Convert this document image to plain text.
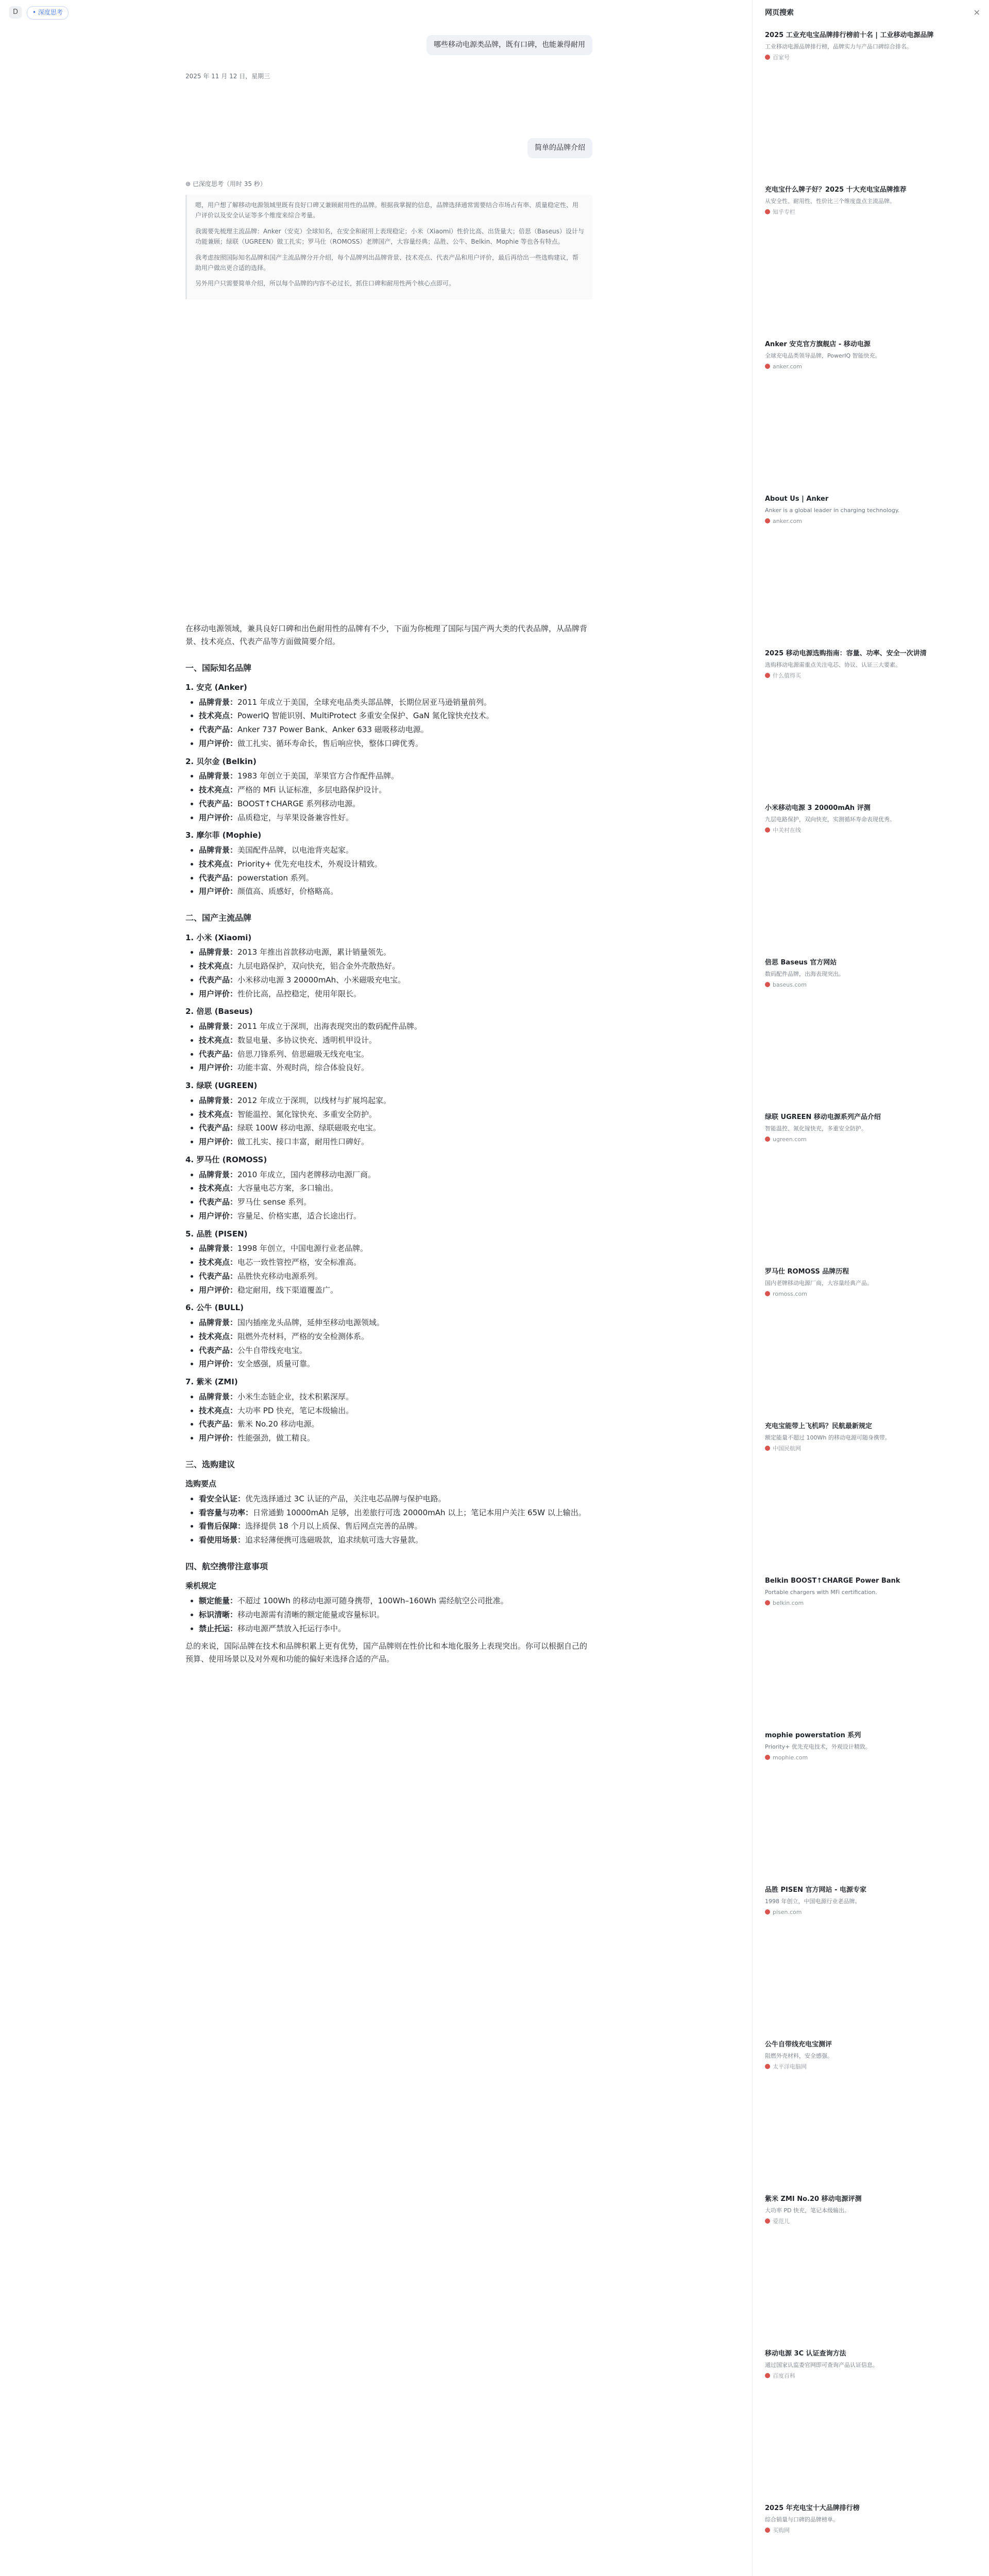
D	• 深度思考
哪些移动电源类品牌，既有口碑，也能兼得耐用
2025 年 11 月 12 日，星期三
简单的品牌介绍
⊛ 已深度思考（用时 35 秒）

嗯，用户想了解移动电源领域里既有良好口碑又兼顾耐用性的品牌。根据我掌握的信息，品牌选择通常需要结合市场占有率、质量稳定性、用户评价以及安全认证等多个维度来综合考量。

我需要先梳理主流品牌：Anker（安克）全球知名，在安全和耐用上表现稳定；小米（Xiaomi）性价比高、出货量大；倍思（Baseus）设计与功能兼顾；绿联（UGREEN）做工扎实；罗马仕（ROMOSS）老牌国产，大容量经典；品胜、公牛、Belkin、Mophie 等也各有特点。

我考虑按照国际知名品牌和国产主流品牌分开介绍，每个品牌列出品牌背景、技术亮点、代表产品和用户评价，最后再给出一些选购建议，帮助用户做出更合适的选择。

另外用户只需要简单介绍，所以每个品牌的内容不必过长，抓住口碑和耐用性两个核心点即可。

在移动电源领域，兼具良好口碑和出色耐用性的品牌有不少，下面为你梳理了国际与国产两大类的代表品牌，从品牌背景、技术亮点、代表产品等方面做简要介绍。

一、国际知名品牌
1. 安克 (Anker)
• 品牌背景：2011 年成立于美国，全球充电品类头部品牌，长期位居亚马逊销量前列。
• 技术亮点：PowerIQ 智能识别、MultiProtect 多重安全保护、GaN 氮化镓快充技术。
• 代表产品：Anker 737 Power Bank、Anker 633 磁吸移动电源。
• 用户评价：做工扎实、循环寿命长，售后响应快，整体口碑优秀。
2. 贝尔金 (Belkin)
• 品牌背景：1983 年创立于美国，苹果官方合作配件品牌。
• 技术亮点：严格的 MFi 认证标准，多层电路保护设计。
• 代表产品：BOOST↑CHARGE 系列移动电源。
• 用户评价：品质稳定，与苹果设备兼容性好。
3. 摩尔菲 (Mophie)
• 品牌背景：美国配件品牌，以电池背夹起家。
• 技术亮点：Priority+ 优先充电技术，外观设计精致。
• 代表产品：powerstation 系列。
• 用户评价：颜值高、质感好，价格略高。
二、国产主流品牌
1. 小米 (Xiaomi)
• 品牌背景：2013 年推出首款移动电源，累计销量领先。
• 技术亮点：九层电路保护，双向快充，铝合金外壳散热好。
• 代表产品：小米移动电源 3 20000mAh、小米磁吸充电宝。
• 用户评价：性价比高，品控稳定，使用年限长。
2. 倍思 (Baseus)
• 品牌背景：2011 年成立于深圳，出海表现突出的数码配件品牌。
• 技术亮点：数显电量、多协议快充、透明机甲设计。
• 代表产品：倍思刀锋系列、倍思磁吸无线充电宝。
• 用户评价：功能丰富、外观时尚，综合体验良好。
3. 绿联 (UGREEN)
• 品牌背景：2012 年成立于深圳，以线材与扩展坞起家。
• 技术亮点：智能温控、氮化镓快充、多重安全防护。
• 代表产品：绿联 100W 移动电源、绿联磁吸充电宝。
• 用户评价：做工扎实、接口丰富，耐用性口碑好。
4. 罗马仕 (ROMOSS)
• 品牌背景：2010 年成立，国内老牌移动电源厂商。
• 技术亮点：大容量电芯方案，多口输出。
• 代表产品：罗马仕 sense 系列。
• 用户评价：容量足、价格实惠，适合长途出行。
5. 品胜 (PISEN)
• 品牌背景：1998 年创立，中国电源行业老品牌。
• 技术亮点：电芯一致性管控严格，安全标准高。
• 代表产品：品胜快充移动电源系列。
• 用户评价：稳定耐用，线下渠道覆盖广。
6. 公牛 (BULL)
• 品牌背景：国内插座龙头品牌，延伸至移动电源领域。
• 技术亮点：阻燃外壳材料，严格的安全检测体系。
• 代表产品：公牛自带线充电宝。
• 用户评价：安全感强，质量可靠。
7. 紫米 (ZMI)
• 品牌背景：小米生态链企业，技术积累深厚。
• 技术亮点：大功率 PD 快充，笔记本级输出。
• 代表产品：紫米 No.20 移动电源。
• 用户评价：性能强劲，做工精良。
三、选购建议
选购要点
• 看安全认证：优先选择通过 3C 认证的产品，关注电芯品牌与保护电路。
• 看容量与功率：日常通勤 10000mAh 足够，出差旅行可选 20000mAh 以上；笔记本用户关注 65W 以上输出。
• 看售后保障：选择提供 18 个月以上质保、售后网点完善的品牌。
• 看使用场景：追求轻薄便携可选磁吸款，追求续航可选大容量款。
四、航空携带注意事项
乘机规定
• 额定能量：不超过 100Wh 的移动电源可随身携带，100Wh–160Wh 需经航空公司批准。
• 标识清晰：移动电源需有清晰的额定能量或容量标识。
• 禁止托运：移动电源严禁放入托运行李中。

总的来说，国际品牌在技术和品牌积累上更有优势，国产品牌则在性价比和本地化服务上表现突出。你可以根据自己的预算、使用场景以及对外观和功能的偏好来选择合适的产品。

网页搜索	✕
2025 工业充电宝品牌排行榜前十名 | 工业移动电源品牌
工业移动电源品牌排行榜，品牌实力与产品口碑综合排名。
百家号
充电宝什么牌子好？2025 十大充电宝品牌推荐
从安全性、耐用性、性价比三个维度盘点主流品牌。
知乎专栏
Anker 安克官方旗舰店 - 移动电源
全球充电品类领导品牌，PowerIQ 智能快充。
anker.com
About Us | Anker
Anker is a global leader in charging technology.
anker.com
2025 移动电源选购指南：容量、功率、安全一次讲清
选购移动电源需重点关注电芯、协议、认证三大要素。
什么值得买
小米移动电源 3 20000mAh 评测
九层电路保护，双向快充，实测循环寿命表现优秀。
中关村在线
倍思 Baseus 官方网站
数码配件品牌，出海表现突出。
baseus.com
绿联 UGREEN 移动电源系列产品介绍
智能温控、氮化镓快充，多重安全防护。
ugreen.com
罗马仕 ROMOSS 品牌历程
国内老牌移动电源厂商，大容量经典产品。
romoss.com
充电宝能带上飞机吗？民航最新规定
额定能量不超过 100Wh 的移动电源可随身携带。
中国民航网
Belkin BOOST↑CHARGE Power Bank
Portable chargers with MFi certification.
belkin.com
mophie powerstation 系列
Priority+ 优先充电技术，外观设计精致。
mophie.com
品胜 PISEN 官方网站 - 电源专家
1998 年创立，中国电源行业老品牌。
pisen.com
公牛自带线充电宝测评
阻燃外壳材料，安全感强。
太平洋电脑网
紫米 ZMI No.20 移动电源评测
大功率 PD 快充，笔记本级输出。
爱范儿
移动电源 3C 认证查询方法
通过国家认监委官网即可查询产品认证信息。
百度百科
2025 年充电宝十大品牌排行榜
综合销量与口碑的品牌榜单。
买购网
